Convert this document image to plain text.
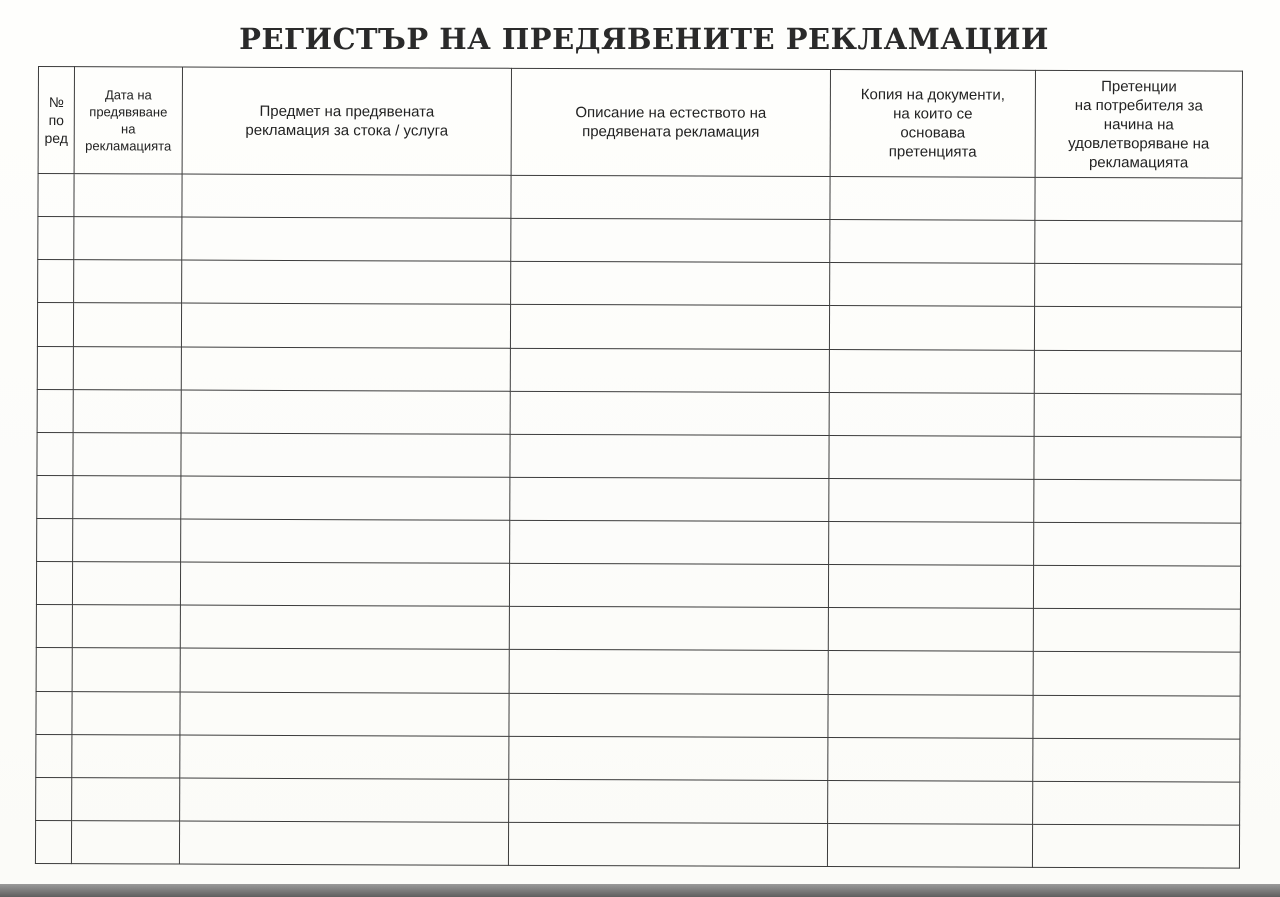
РЕГИСТЪР НА ПРЕДЯВЕНИТЕ РЕКЛАМАЦИИ
№
по
ред	Дата на
предявяване
на
рекламацията	Предмет на предявената
рекламация за стока / услуга	Описание на естеството на
предявената рекламация	Копия на документи,
на които се
основава
претенцията	Претенции
на потребителя за
начина на
удовлетворяване на
рекламацията
